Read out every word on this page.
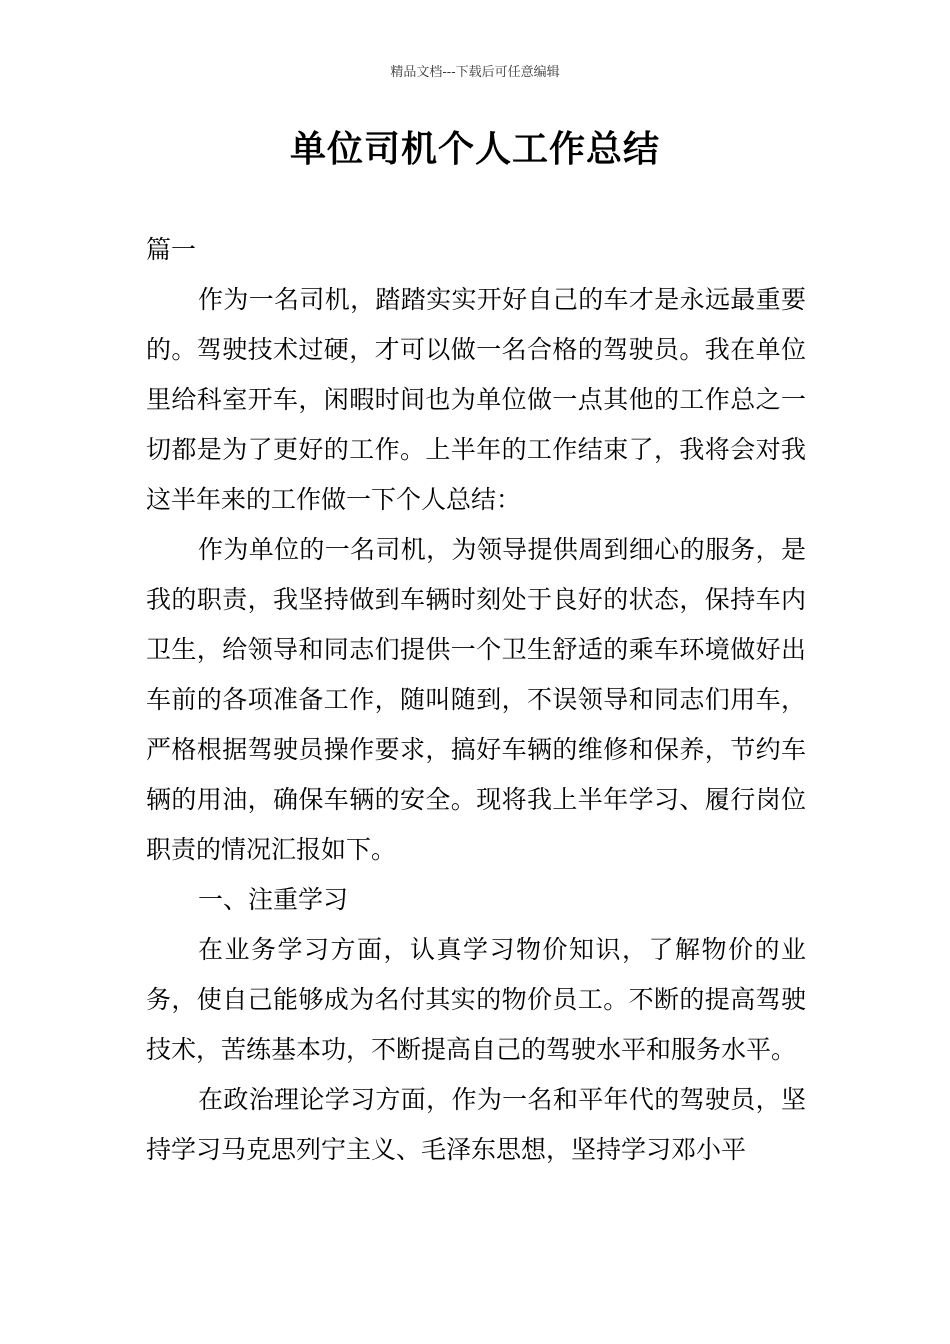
精品文档---下载后可任意编辑
单位司机个人工作总结

篇一

作为一名司机，踏踏实实开好自己的车才是永远最重要的。驾驶技术过硬，才可以做一名合格的驾驶员。我在单位里给科室开车，闲暇时间也为单位做一点其他的工作总之一切都是为了更好的工作。上半年的工作结束了，我将会对我这半年来的工作做一下个人总结：

作为单位的一名司机，为领导提供周到细心的服务，是我的职责，我坚持做到车辆时刻处于良好的状态，保持车内卫生，给领导和同志们提供一个卫生舒适的乘车环境做好出车前的各项准备工作，随叫随到，不误领导和同志们用车，严格根据驾驶员操作要求，搞好车辆的维修和保养，节约车辆的用油，确保车辆的安全。现将我上半年学习、履行岗位职责的情况汇报如下。

一、注重学习

在业务学习方面，认真学习物价知识，了解物价的业务，使自己能够成为名付其实的物价员工。不断的提高驾驶技术，苦练基本功，不断提高自己的驾驶水平和服务水平。

在政治理论学习方面，作为一名和平年代的驾驶员，坚持学习马克思列宁主义、毛泽东思想，坚持学习邓小平
